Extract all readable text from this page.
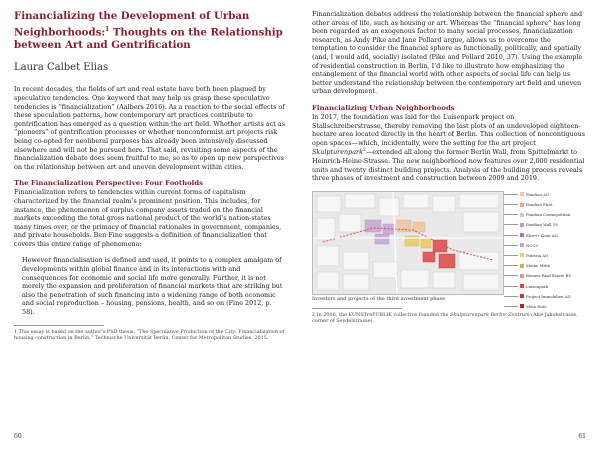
Financializing the Development of Urban Neighborhoods:$^1$ Thoughts on the Relationship between Art and Gentrification
Laura Calbet Elias

In recent decades, the fields of art and real estate have both been plagued by speculative tendencies. One keyword that may help us grasp these speculative tendencies is “financialization” (Aalbers 2016). As a reaction to the social effects of these speculation patterns, how contemporary art practices contribute to gentrification has emerged as a question within the art field. Whether artists act as “pioneers” of gentrification processes or whether nonconformist art projects risk being co-opted for neoliberal purposes has already been intensively discussed elsewhere and will not be pursued here. That said, revisiting some aspects of the financialization debate does seem fruitful to me, so as to open up new perspectives on the relationship between art and uneven development within cities.

The Financialization Perspective: Four Footholds

Financialization refers to tendencies within current forms of capitalism characterized by the financial realm’s prominent position. This includes, for instance, the phenomenon of surplus company assets traded on the financial markets exceeding the total gross national product of the world’s nation-states many times over, or the primacy of financial rationales in government, companies, and private households. Ben Fine suggests a definition of financialization that covers this entire range of phenomena:

However financialisation is defined and used, it points to a complex amalgam of developments within global finance and in its interactions with and consequences for economic and social life more generally. Further, it is not merely the expansion and proliferation of financial markets that are striking but also the penetration of such financing into a widening range of both economic and social reproduction – housing, pensions, health, and so on (Fine 2012, p. 58).

1 This essay is based on the author’s PhD thesis, “The Speculative Production of the City: Financialization of housing construction in Berlin,” Technische Universität Berlin, Center for Metropolitan Studies, 2015.

60

Financialization debates address the relationship between the financial sphere and other areas of life, such as housing or art. Whereas the “financial sphere” has long been regarded as an exogenous factor to many social processes, financialization research, as Andy Pike and Jane Pollard argue, allows us to overcome the temptation to consider the financial sphere as functionally, politically, and spatially (and, I would add, socially) isolated (Pike and Pollard 2010, 37). Using the example of residential construction in Berlin, I’d like to illustrate how emphasizing the entanglement of the financial world with other aspects of social life can help us better understand the relationship between the contemporary art field and uneven urban development.

Financializing Urban Neighborhoods

In 2017, the foundation was laid for the Luisenpark project on Stallschreiberstrasse, thereby removing the last plots of an undeveloped eighteen-hectare area located directly in the heart of Berlin. This collection of noncontiguous open spaces—which, incidentally, were the setting for the art project Skulpturenpark$^2$—extended all along the former Berlin Wall, from Spittelmarkt to Heinrich-Heine-Strasse. The new neighborhood now features over 2,000 residential units and twenty distinct building projects. Analysis of the building process reveals three phases of investment and construction between 2009 and 2019.

Pandion AG
Pandion First
Pandion Cosmopolitan
Pandion Wall 18
Ehret+Klein AG
NCC9
Patrizia AG
Meine Mitte
Bonava Real Estate BV
Luisenpark
Project Immobilien AG
Mein Hofs
Investors and projects of the third investment phase

2 In 2006, the KUNSTrePUBLIK collective founded the Skulpturenpark Berlin_Zentrum (Alte Jakobstrasse, corner of Seydelstrasse).

61
